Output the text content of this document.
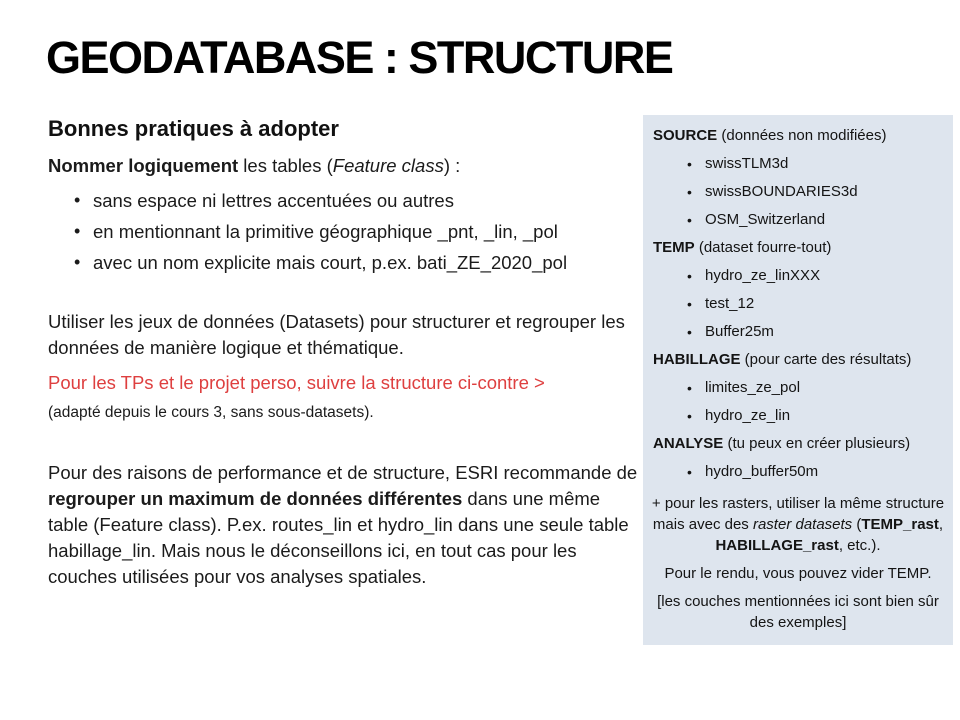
GEODATABASE : STRUCTURE
Bonnes pratiques à adopter
Nommer logiquement les tables (Feature class) :
• sans espace ni lettres accentuées ou autres
• en mentionnant la primitive géographique _pnt, _lin, _pol
• avec un nom explicite mais court, p.ex. bati_ZE_2020_pol
Utiliser les jeux de données (Datasets) pour structurer et regrouper les données de manière logique et thématique.
Pour les TPs et le projet perso, suivre la structure ci-contre >
(adapté depuis le cours 3, sans sous-datasets).
Pour des raisons de performance et de structure, ESRI recommande de regrouper un maximum de données différentes dans une même table (Feature class). P.ex. routes_lin et hydro_lin dans une seule table habillage_lin. Mais nous le déconseillons ici, en tout cas pour les couches utilisées pour vos analyses spatiales.
SOURCE (données non modifiées)
• swissTLM3d
• swissBOUNDARIES3d
• OSM_Switzerland
TEMP (dataset fourre-tout)
• hydro_ze_linXXX
• test_12
• Buffer25m
HABILLAGE (pour carte des résultats)
• limites_ze_pol
• hydro_ze_lin
ANALYSE (tu peux en créer plusieurs)
• hydro_buffer50m
+ pour les rasters, utiliser la même structure mais avec des raster datasets (TEMP_rast, HABILLAGE_rast, etc.).
Pour le rendu, vous pouvez vider TEMP.
[les couches mentionnées ici sont bien sûr des exemples]
